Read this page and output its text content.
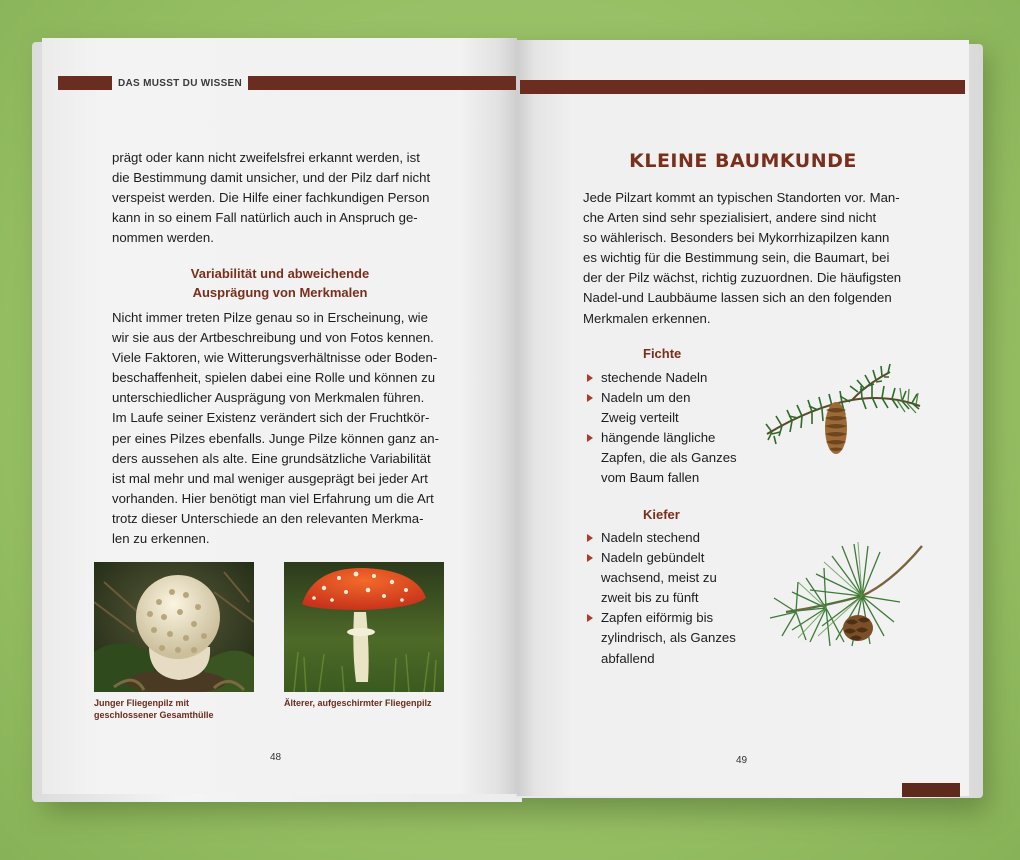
DAS MUSST DU WISSEN
prägt oder kann nicht zweifelsfrei erkannt werden, ist
die Bestimmung damit unsicher, und der Pilz darf nicht
verspeist werden. Die Hilfe einer fachkundigen Person
kann in so einem Fall natürlich auch in Anspruch ge-
nommen werden.
Variabilität und abweichende
Ausprägung von Merkmalen
Nicht immer treten Pilze genau so in Erscheinung, wie
wir sie aus der Artbeschreibung und von Fotos kennen.
Viele Faktoren, wie Witterungsverhältnisse oder Boden-
beschaffenheit, spielen dabei eine Rolle und können zu
unterschiedlicher Ausprägung von Merkmalen führen.
Im Laufe seiner Existenz verändert sich der Fruchtkör-
per eines Pilzes ebenfalls. Junge Pilze können ganz an-
ders aussehen als alte. Eine grundsätzliche Variabilität
ist mal mehr und mal weniger ausgeprägt bei jeder Art
vorhanden. Hier benötigt man viel Erfahrung um die Art
trotz dieser Unterschiede an den relevanten Merkma-
len zu erkennen.
Junger Fliegenpilz mit
geschlossener Gesamthülle
Älterer, aufgeschirmter Fliegenpilz
48
KLEINE BAUMKUNDE
Jede Pilzart kommt an typischen Standorten vor. Man-
che Arten sind sehr spezialisiert, andere sind nicht
so wählerisch. Besonders bei Mykorrhizapilzen kann
es wichtig für die Bestimmung sein, die Baumart, bei
der der Pilz wächst, richtig zuzuordnen. Die häufigsten
Nadel-und Laubbäume lassen sich an den folgenden
Merkmalen erkennen.
Fichte
stechende Nadeln
Nadeln um den
Zweig verteilt
hängende längliche
Zapfen, die als Ganzes
vom Baum fallen
Kiefer
Nadeln stechend
Nadeln gebündelt
wachsend, meist zu
zweit bis zu fünft
Zapfen eiförmig bis
zylindrisch, als Ganzes
abfallend
49
